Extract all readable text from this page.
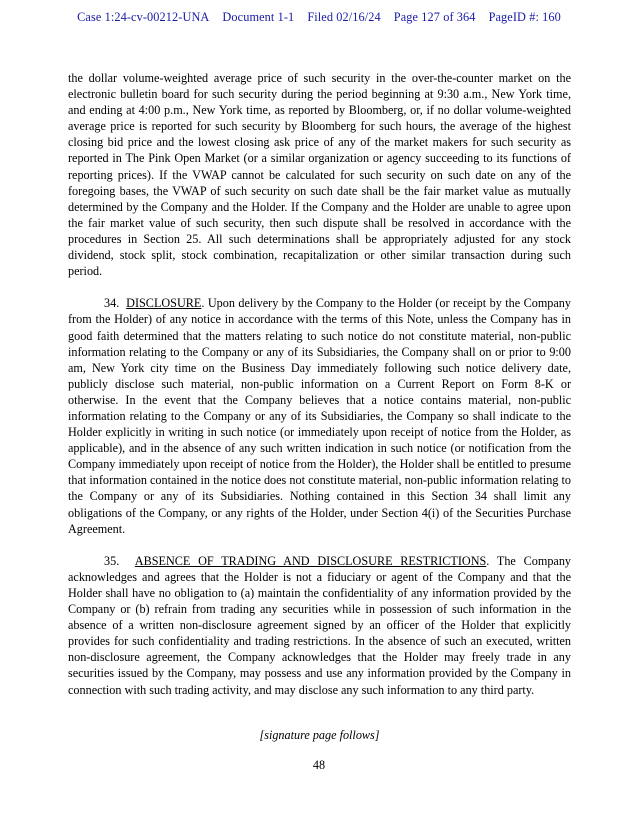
Case 1:24-cv-00212-UNA Document 1-1 Filed 02/16/24 Page 127 of 364 PageID #: 160

the dollar volume-weighted average price of such security in the over-the-counter market on the electronic bulletin board for such security during the period beginning at 9:30 a.m., New York time, and ending at 4:00 p.m., New York time, as reported by Bloomberg, or, if no dollar volume-weighted average price is reported for such security by Bloomberg for such hours, the average of the highest closing bid price and the lowest closing ask price of any of the market makers for such security as reported in The Pink Open Market (or a similar organization or agency succeeding to its functions of reporting prices). If the VWAP cannot be calculated for such security on such date on any of the foregoing bases, the VWAP of such security on such date shall be the fair market value as mutually determined by the Company and the Holder. If the Company and the Holder are unable to agree upon the fair market value of such security, then such dispute shall be resolved in accordance with the procedures in Section 25. All such determinations shall be appropriately adjusted for any stock dividend, stock split, stock combination, recapitalization or other similar transaction during such period.

34. DISCLOSURE. Upon delivery by the Company to the Holder (or receipt by the Company from the Holder) of any notice in accordance with the terms of this Note, unless the Company has in good faith determined that the matters relating to such notice do not constitute material, non-public information relating to the Company or any of its Subsidiaries, the Company shall on or prior to 9:00 am, New York city time on the Business Day immediately following such notice delivery date, publicly disclose such material, non-public information on a Current Report on Form 8-K or otherwise. In the event that the Company believes that a notice contains material, non-public information relating to the Company or any of its Subsidiaries, the Company so shall indicate to the Holder explicitly in writing in such notice (or immediately upon receipt of notice from the Holder, as applicable), and in the absence of any such written indication in such notice (or notification from the Company immediately upon receipt of notice from the Holder), the Holder shall be entitled to presume that information contained in the notice does not constitute material, non-public information relating to the Company or any of its Subsidiaries. Nothing contained in this Section 34 shall limit any obligations of the Company, or any rights of the Holder, under Section 4(i) of the Securities Purchase Agreement.

35. ABSENCE OF TRADING AND DISCLOSURE RESTRICTIONS. The Company acknowledges and agrees that the Holder is not a fiduciary or agent of the Company and that the Holder shall have no obligation to (a) maintain the confidentiality of any information provided by the Company or (b) refrain from trading any securities while in possession of such information in the absence of a written non-disclosure agreement signed by an officer of the Holder that explicitly provides for such confidentiality and trading restrictions. In the absence of such an executed, written non-disclosure agreement, the Company acknowledges that the Holder may freely trade in any securities issued by the Company, may possess and use any information provided by the Company in connection with such trading activity, and may disclose any such information to any third party.

[signature page follows]
48
